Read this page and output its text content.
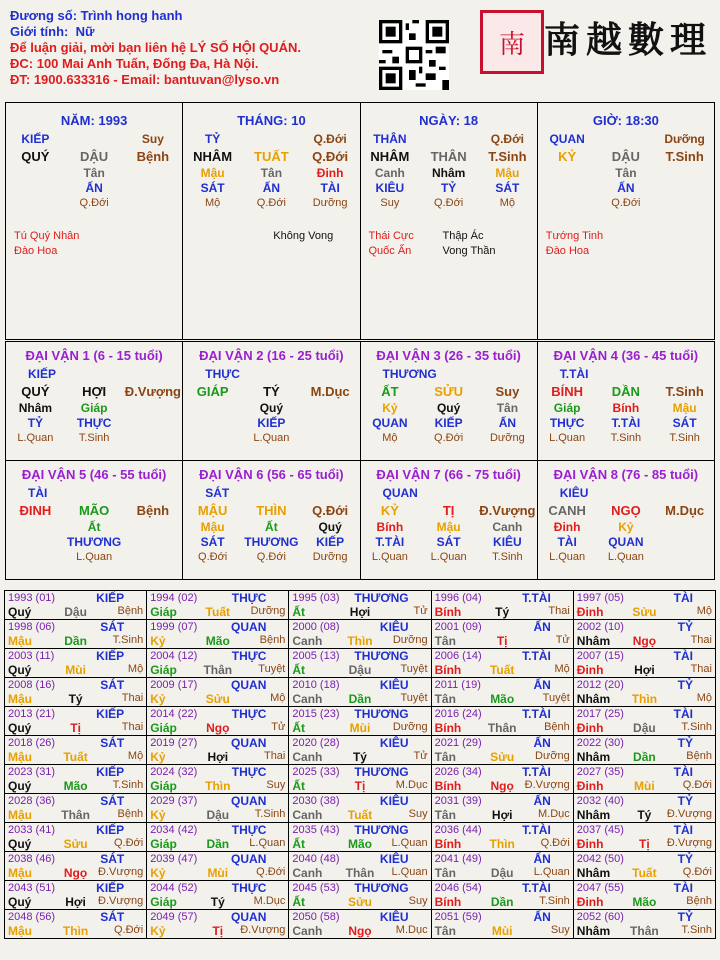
Đương số: Trình hong hanh
Giới tính: Nữ
Để luận giải, mời bạn liên hệ LÝ SỐ HỘI QUÁN.
ĐC: 100 Mai Anh Tuấn, Đống Đa, Hà Nội.
ĐT: 1900.633316 - Email: bantuvan@lyso.vn
南 南越數理
NĂM: 1993
KIẾP	Suy
QUÝ	DẬU	Bệnh
Tân
ẤN
Q.Đới
Tú Quý Nhân
Đào Hoa
THÁNG: 10
TỶ	Q.Đới
NHÂM	TUẤT	Q.Đới
Mậu	Tân	Đinh
SÁT	ẤN	TÀI
Mộ	Q.Đới	Dưỡng
Không Vong
NGÀY: 18
THÂN	Q.Đới
NHÂM	THÂN	T.Sinh
Canh	Nhâm	Mậu
KIÊU	TỶ	SÁT
Suy	Q.Đới	Mộ
Thái Cực
Quốc Ấn
Thập Ác
Vong Thần
GIỜ: 18:30
QUAN	Dưỡng
KỶ	DẬU	T.Sinh
Tân
ẤN
Q.Đới
Tướng Tinh
Đào Hoa
ĐẠI VẬN 1 (6 - 15 tuổi)
KIẾP
QUÝ	HỢI	Đ.Vượng
Nhâm	Giáp
TỶ	THỰC
L.Quan	T.Sinh
ĐẠI VẬN 2 (16 - 25 tuổi)
THỰC
GIÁP	TÝ	M.Dục
Quý
KIẾP
L.Quan
ĐẠI VẬN 3 (26 - 35 tuổi)
THƯƠNG
ẤT	SỬU	Suy
Kỷ	Quý	Tân
QUAN	KIẾP	ẤN
Mộ	Q.Đới	Dưỡng
ĐẠI VẬN 4 (36 - 45 tuổi)
T.TÀI
BÍNH	DẦN	T.Sinh
Giáp	Bính	Mậu
THỰC	T.TÀI	SÁT
L.Quan	T.Sinh	T.Sinh
ĐẠI VẬN 5 (46 - 55 tuổi)
TÀI
ĐINH	MÃO	Bệnh
Ất
THƯƠNG
L.Quan
ĐẠI VẬN 6 (56 - 65 tuổi)
SÁT
MẬU	THÌN	Q.Đới
Mậu	Ất	Quý
SÁT	THƯƠNG	KIẾP
Q.Đới	Q.Đới	Dưỡng
ĐẠI VẬN 7 (66 - 75 tuổi)
QUAN
KỶ	TỊ	Đ.Vượng
Bính	Mậu	Canh
T.TÀI	SÁT	KIÊU
L.Quan	L.Quan	T.Sinh
ĐẠI VẬN 8 (76 - 85 tuổi)
KIÊU
CANH	NGỌ	M.Dục
Đinh	Kỷ
TÀI	QUAN
L.Quan	L.Quan
1993 (01)	KIẾP
Quý	Dậu	Bệnh
1994 (02)	THỰC
Giáp	Tuất	Dưỡng
1995 (03) THƯƠNG
Ất	Hợi	Tử
1996 (04)	T.TÀI
Bính	Tý	Thai
1997 (05)	TÀI
Đinh	Sửu	Mộ
1998 (06)	SÁT
Mậu	Dần	T.Sinh
1999 (07)	QUAN
Kỷ	Mão	Bệnh
2000 (08)	KIÊU
Canh	Thìn	Dưỡng
2001 (09)	ẤN
Tân	Tị	Tử
2002 (10)	TỶ
Nhâm	Ngọ	Thai
2003 (11)	KIẾP
Quý	Mùi	Mộ
2004 (12)	THỰC
Giáp	Thân	Tuyệt
2005 (13) THƯƠNG
Ất	Dậu	Tuyệt
2006 (14)	T.TÀI
Bính	Tuất	Mộ
2007 (15)	TÀI
Đinh	Hợi	Thai
2008 (16)	SÁT
Mậu	Tý	Thai
2009 (17)	QUAN
Kỷ	Sửu	Mộ
2010 (18)	KIÊU
Canh	Dần	Tuyệt
2011 (19)	ẤN
Tân	Mão	Tuyệt
2012 (20)	TỶ
Nhâm	Thìn	Mộ
2013 (21)	KIẾP
Quý	Tị	Thai
2014 (22)	THỰC
Giáp	Ngọ	Tử
2015 (23) THƯƠNG
Ất	Mùi	Dưỡng
2016 (24)	T.TÀI
Bính	Thân	Bệnh
2017 (25)	TÀI
Đinh	Dậu	T.Sinh
2018 (26)	SÁT
Mậu	Tuất	Mộ
2019 (27)	QUAN
Kỷ	Hợi	Thai
2020 (28)	KIÊU
Canh	Tý	Tử
2021 (29)	ẤN
Tân	Sửu	Dưỡng
2022 (30)	TỶ
Nhâm	Dần	Bệnh
2023 (31)	KIẾP
Quý	Mão	T.Sinh
2024 (32)	THỰC
Giáp	Thìn	Suy
2025 (33) THƯƠNG
Ất	Tị	M.Dục
2026 (34)	T.TÀI
Bính	Ngọ Đ.Vượng
2027 (35)	TÀI
Đinh	Mùi	Q.Đới
2028 (36)	SÁT
Mậu	Thân	Bệnh
2029 (37)	QUAN
Kỷ	Dậu	T.Sinh
2030 (38)	KIÊU
Canh	Tuất	Suy
2031 (39)	ẤN
Tân	Hợi	M.Dục
2032 (40)	TỶ
Nhâm	Tý	Đ.Vượng
2033 (41)	KIẾP
Quý	Sửu	Q.Đới
2034 (42)	THỰC
Giáp	Dần	L.Quan
2035 (43) THƯƠNG
Ất	Mão	L.Quan
2036 (44)	T.TÀI
Bính	Thìn	Q.Đới
2037 (45)	TÀI
Đinh	Tị	Đ.Vượng
2038 (46)	SÁT
Mậu	Ngọ Đ.Vượng
2039 (47)	QUAN
Kỷ	Mùi	Q.Đới
2040 (48)	KIÊU
Canh	Thân	L.Quan
2041 (49)	ẤN
Tân	Dậu	L.Quan
2042 (50)	TỶ
Nhâm	Tuất	Q.Đới
2043 (51)	KIẾP
Quý	Hợi	Đ.Vượng
2044 (52)	THỰC
Giáp	Tý	M.Dục
2045 (53) THƯƠNG
Ất	Sửu	Suy
2046 (54)	T.TÀI
Bính	Dần	T.Sinh
2047 (55)	TÀI
Đinh	Mão	Bệnh
2048 (56)	SÁT
Mậu	Thìn	Q.Đới
2049 (57)	QUAN
Kỷ	Tị	Đ.Vượng
2050 (58)	KIÊU
Canh	Ngọ	M.Dục
2051 (59)	ẤN
Tân	Mùi	Suy
2052 (60)	TỶ
Nhâm	Thân	T.Sinh
